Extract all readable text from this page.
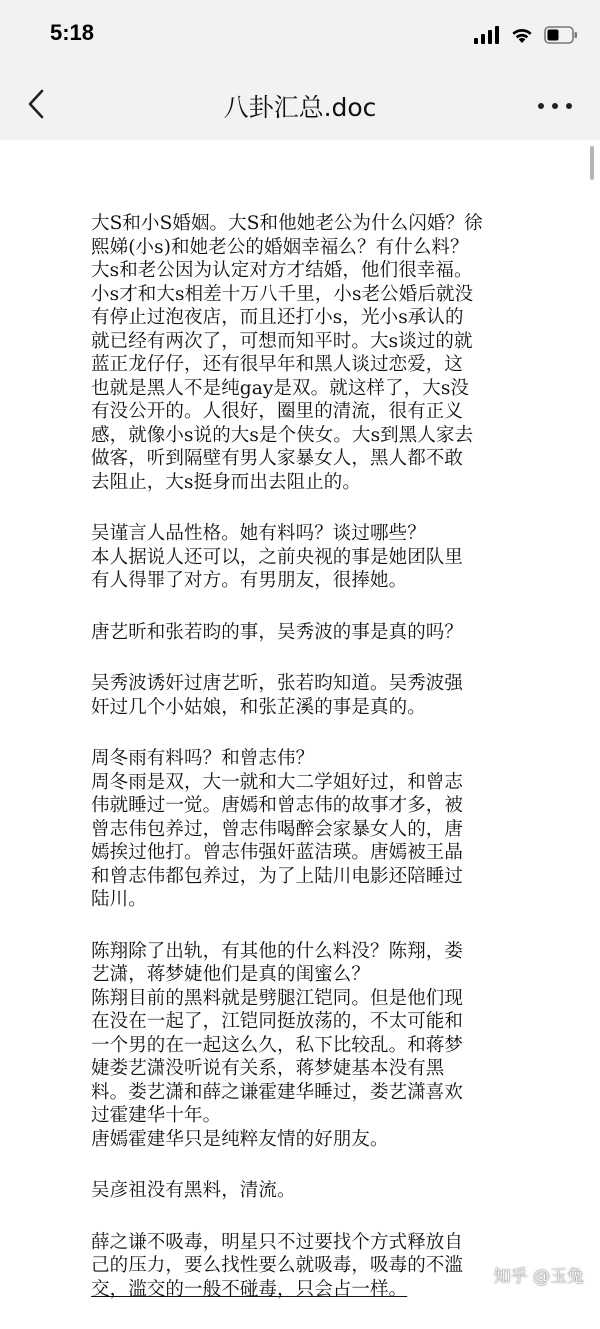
5:18
八卦汇总.doc
大S和小S婚姻。大S和他她老公为什么闪婚？徐
熙娣(小s)和她老公的婚姻幸福么？有什么料？
大s和老公因为认定对方才结婚，他们很幸福。
小s才和大s相差十万八千里，小s老公婚后就没
有停止过泡夜店，而且还打小s，光小s承认的
就已经有两次了，可想而知平时。大s谈过的就
蓝正龙仔仔，还有很早年和黑人谈过恋爱，这
也就是黑人不是纯gay是双。就这样了，大s没
有没公开的。人很好，圈里的清流，很有正义
感，就像小s说的大s是个侠女。大s到黑人家去
做客，听到隔壁有男人家暴女人，黑人都不敢
去阻止，大s挺身而出去阻止的。
吴谨言人品性格。她有料吗？谈过哪些？
本人据说人还可以，之前央视的事是她团队里
有人得罪了对方。有男朋友，很捧她。
唐艺昕和张若昀的事，吴秀波的事是真的吗？
吴秀波诱奸过唐艺昕，张若昀知道。吴秀波强
奸过几个小姑娘，和张芷溪的事是真的。
周冬雨有料吗？和曾志伟？
周冬雨是双，大一就和大二学姐好过，和曾志
伟就睡过一觉。唐嫣和曾志伟的故事才多，被
曾志伟包养过，曾志伟喝醉会家暴女人的，唐
嫣挨过他打。曾志伟强奸蓝洁瑛。唐嫣被王晶
和曾志伟都包养过，为了上陆川电影还陪睡过
陆川。
陈翔除了出轨，有其他的什么料没？陈翔，娄
艺潇，蒋梦婕他们是真的闺蜜么？
陈翔目前的黑料就是劈腿江铠同。但是他们现
在没在一起了，江铠同挺放荡的，不太可能和
一个男的在一起这么久，私下比较乱。和蒋梦
婕娄艺潇没听说有关系，蒋梦婕基本没有黑
料。娄艺潇和薛之谦霍建华睡过，娄艺潇喜欢
过霍建华十年。
唐嫣霍建华只是纯粹友情的好朋友。
吴彦祖没有黑料，清流。
薛之谦不吸毒，明星只不过要找个方式释放自
己的压力，要么找性要么就吸毒，吸毒的不滥
交，滥交的一般不碰毒，只会占一样。
知乎 @玉兔
